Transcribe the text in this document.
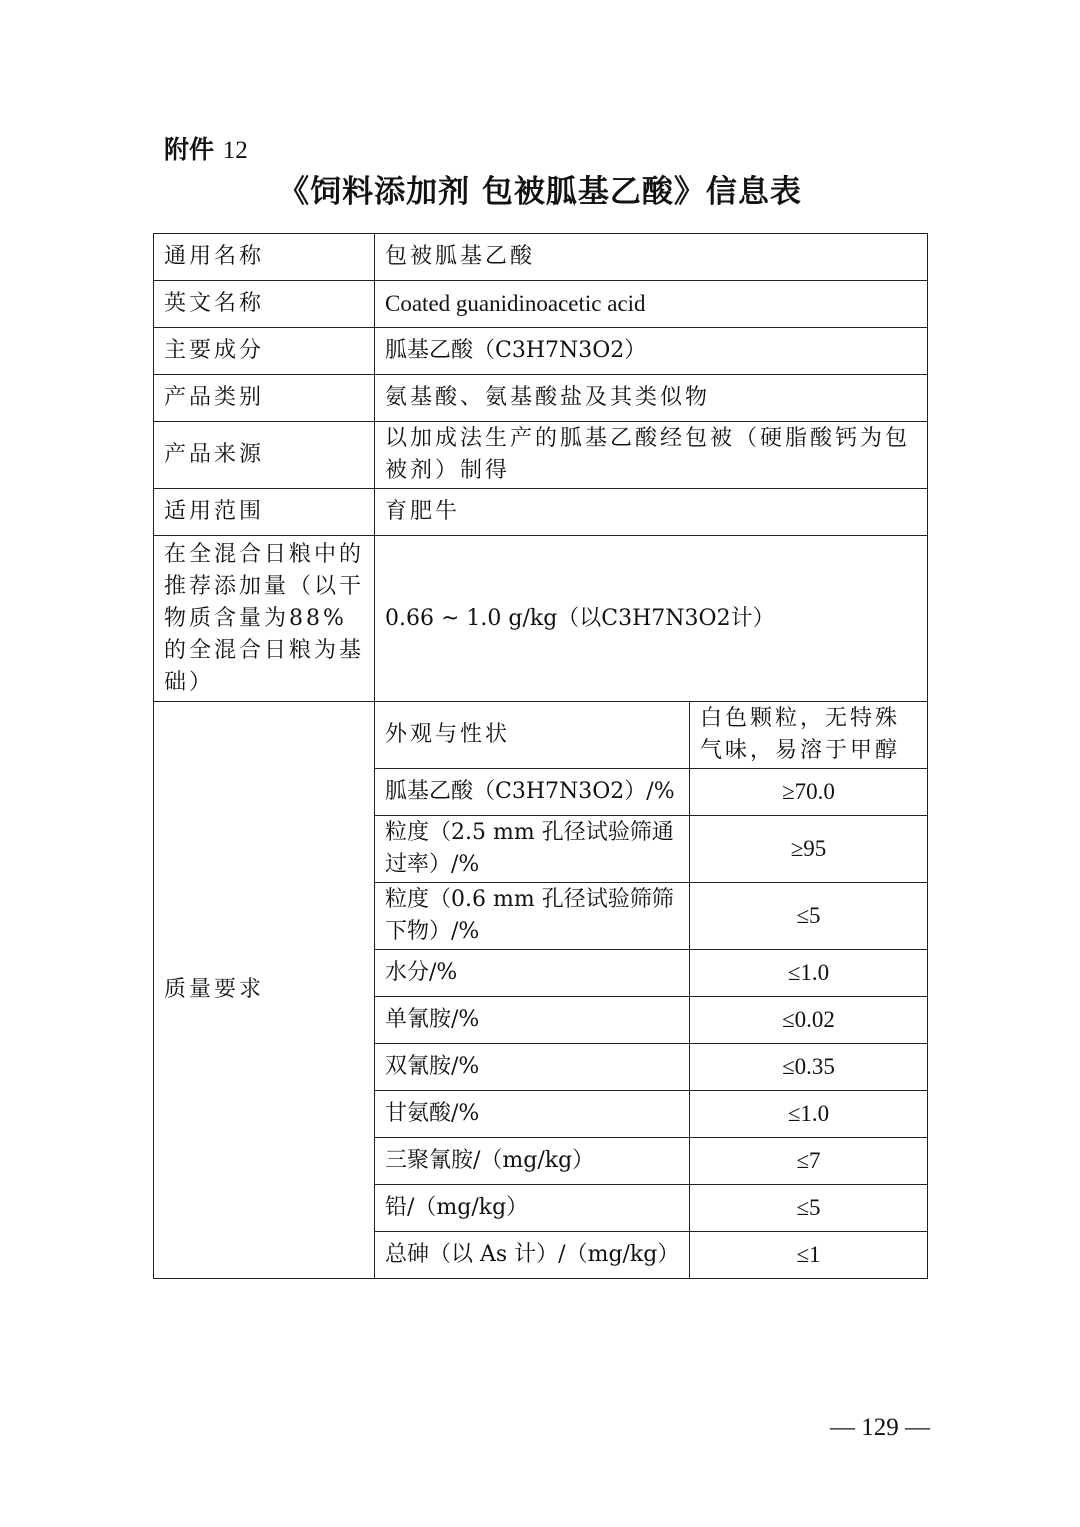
附件 12
《饲料添加剂 包被胍基乙酸》信息表
通用名称	包被胍基乙酸	
英文名称	Coated guanidinoacetic acid	
主要成分	胍基乙酸（C3H7N3O2）	
产品类别	氨基酸、氨基酸盐及其类似物	
产品来源	以加成法生产的胍基乙酸经包被（硬脂酸钙为包被剂）制得	
适用范围	育肥牛	
在全混合日粮中的推荐添加量（以干物质含量为88%的全混合日粮为基础）	0.66 ~ 1.0 g/kg（以C3H7N3O2计）	
质量要求	外观与性状	白色颗粒，无特殊气味，易溶于甲醇
	胍基乙酸（C3H7N3O2）/%	≥70.0
	粒度（2.5 mm 孔径试验筛通过率）/%	≥95
	粒度（0.6 mm 孔径试验筛筛下物）/%	≤5
	水分/%	≤1.0
	单氰胺/%	≤0.02
	双氰胺/%	≤0.35
	甘氨酸/%	≤1.0
	三聚氰胺/（mg/kg）	≤7
	铅/（mg/kg）	≤5
	总砷（以 As 计）/（mg/kg）	≤1
— 129 —
